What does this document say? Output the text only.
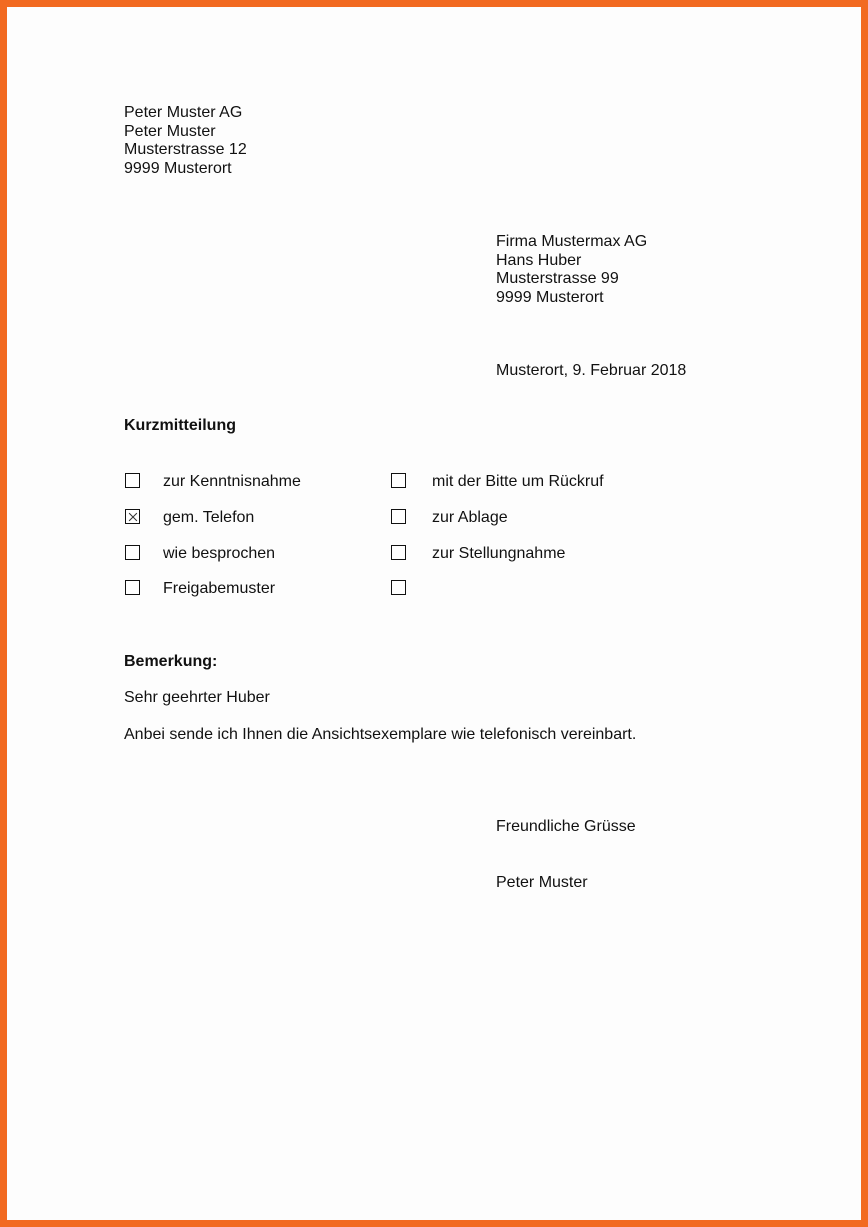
Peter Muster AG
Peter Muster
Musterstrasse 12
9999 Musterort
Firma Mustermax AG
Hans Huber
Musterstrasse 99
9999 Musterort
Musterort, 9. Februar 2018
Kurzmitteilung
zur Kenntnisnahme
gem. Telefon
wie besprochen
Freigabemuster
mit der Bitte um Rückruf
zur Ablage
zur Stellungnahme
Bemerkung:
Sehr geehrter Huber
Anbei sende ich Ihnen die Ansichtsexemplare wie telefonisch vereinbart.
Freundliche Grüsse
Peter Muster
